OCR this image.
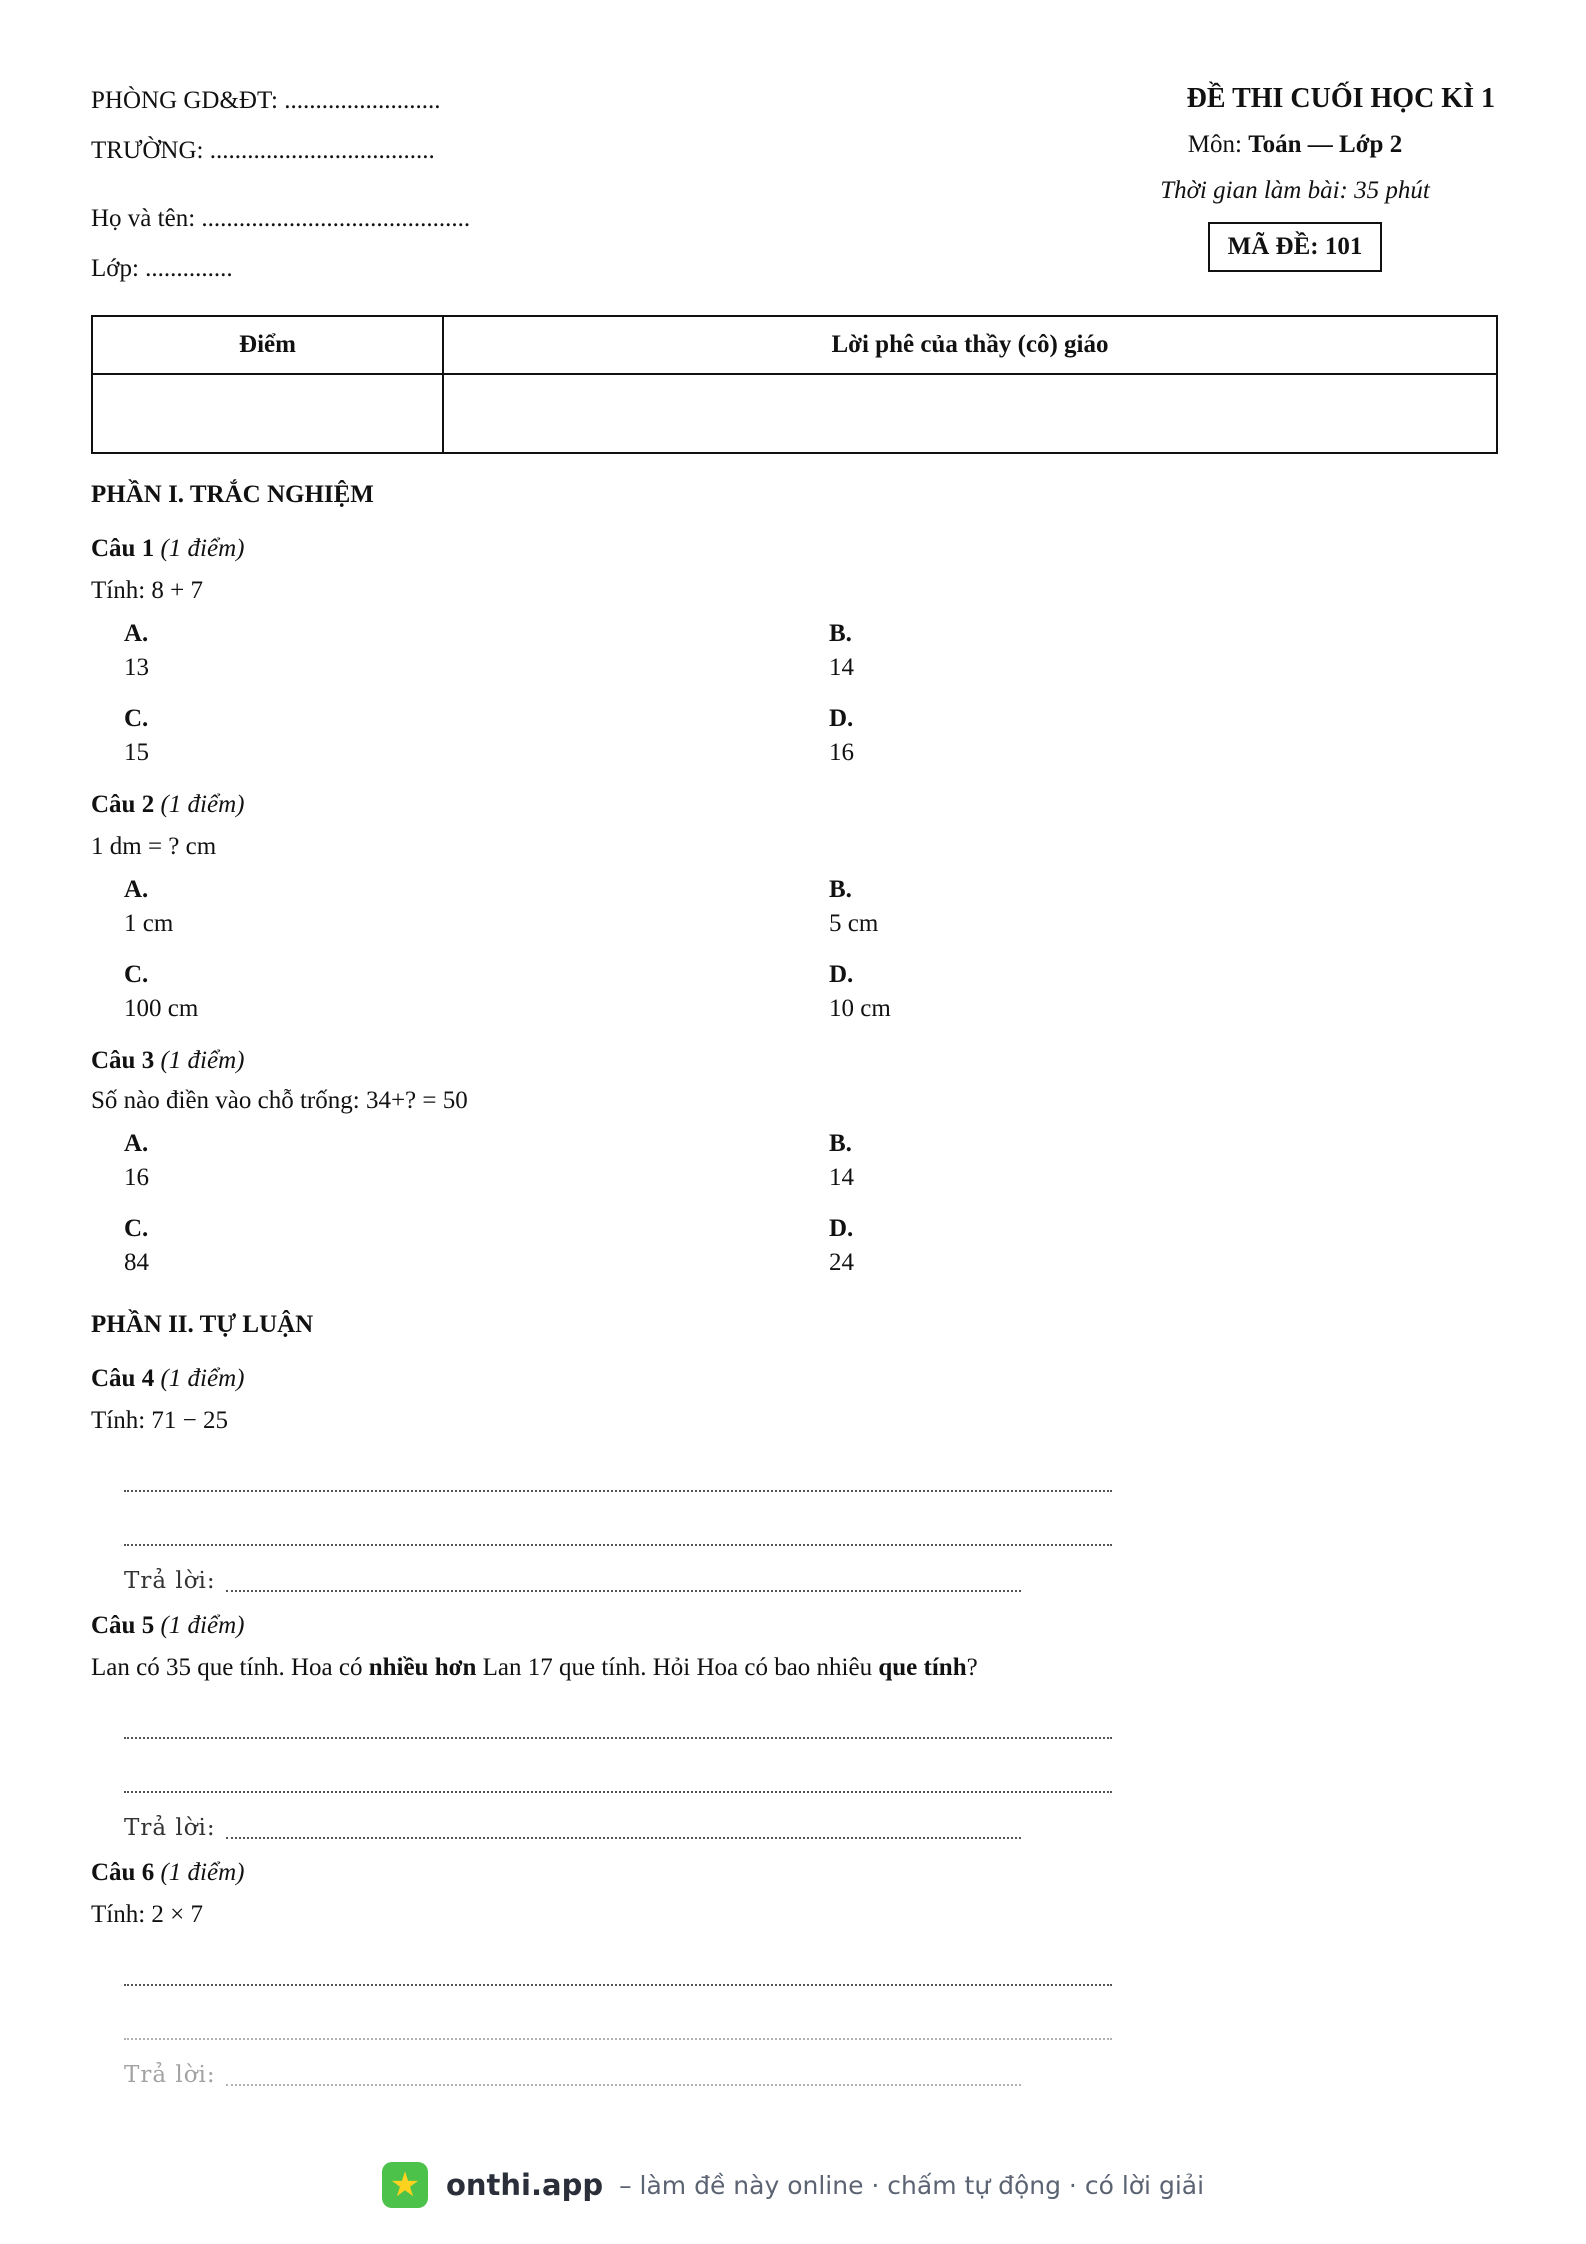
PHÒNG GD&ĐT: .........................
TRƯỜNG: ....................................
Họ và tên: ...........................................
Lớp: ..............
ĐỀ THI CUỐI HỌC KÌ 1
Môn: Toán — Lớp 2
Thời gian làm bài: 35 phút
MÃ ĐỀ: 101
Điểm	Lời phê của thầy (cô) giáo

PHẦN I. TRẮC NGHIỆM
Câu 1 (1 điểm)
Tính: 8 + 7
A.
13
B.
14
C.
15
D.
16
Câu 2 (1 điểm)
1 dm = ? cm
A.
1 cm
B.
5 cm
C.
100 cm
D.
10 cm
Câu 3 (1 điểm)
Số nào điền vào chỗ trống: 34+? = 50
A.
16
B.
14
C.
84
D.
24
PHẦN II. TỰ LUẬN
Câu 4 (1 điểm)
Tính: 71 − 25
Trả lời:
Câu 5 (1 điểm)
Lan có 35 que tính. Hoa có nhiều hơn Lan 17 que tính. Hỏi Hoa có bao nhiêu que tính?
Trả lời:
Câu 6 (1 điểm)
Tính: 2 × 7
Trả lời:
★ onthi.app – làm đề này online · chấm tự động · có lời giải
